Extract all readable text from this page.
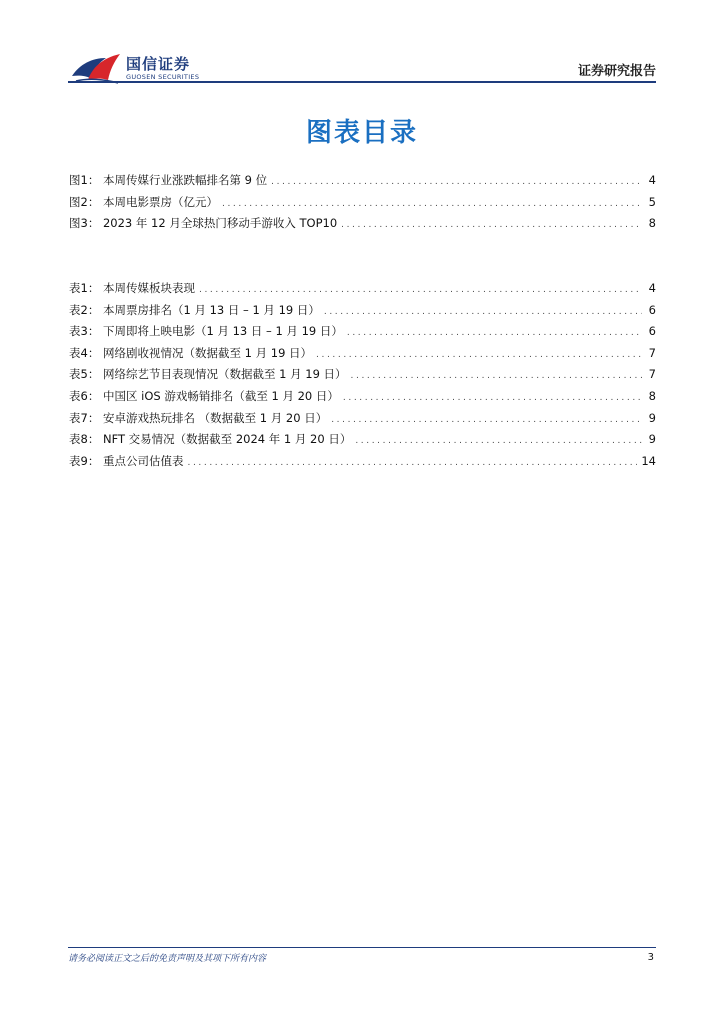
国信证券
GUOSEN SECURITIES	证券研究报告
图表目录
图1： 本周传媒行业涨跌幅排名第 9 位 .....	4
图2： 本周电影票房（亿元） .....	5
图3： 2023 年 12 月全球热门移动手游收入 TOP10 .....	8
表1： 本周传媒板块表现 .....	4
表2： 本周票房排名（1 月 13 日 – 1 月 19 日） .....	6
表3： 下周即将上映电影（1 月 13 日 – 1 月 19 日） .....	6
表4： 网络剧收视情况（数据截至 1 月 19 日） .....	7
表5： 网络综艺节目表现情况（数据截至 1 月 19 日） .....	7
表6： 中国区 iOS 游戏畅销排名（截至 1 月 20 日） .....	8
表7： 安卓游戏热玩排名 （数据截至 1 月 20 日） .....	9
表8： NFT 交易情况（数据截至 2024 年 1 月 20 日） .....	9
表9： 重点公司估值表 .....	14
请务必阅读正文之后的免责声明及其项下所有内容	3
